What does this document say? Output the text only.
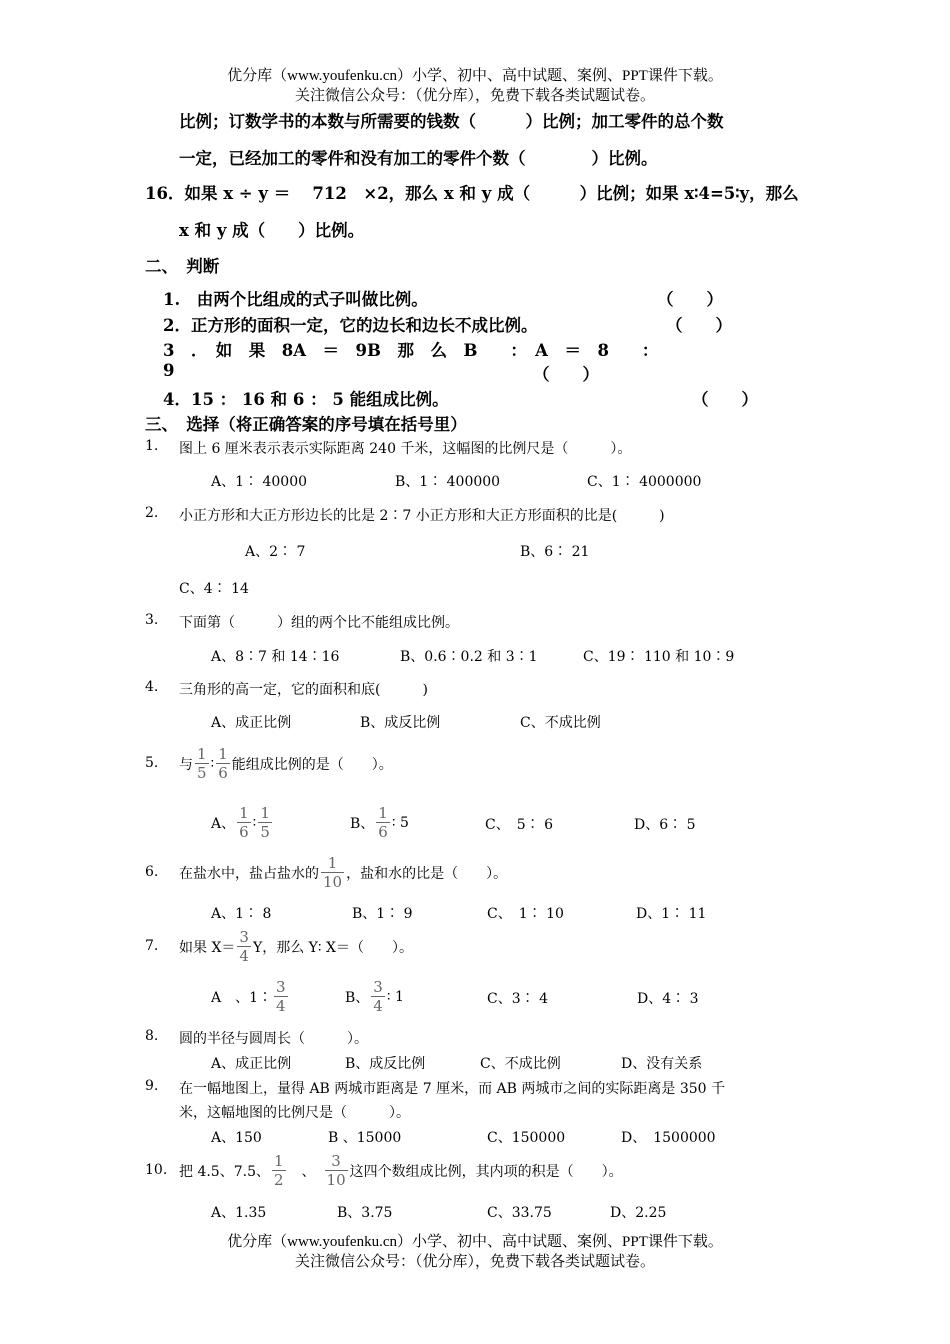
优分库（www.youfenku.cn）小学、初中、高中试题、案例、PPT课件下载。
关注微信公众号：（优分库），免费下载各类试题试卷。
比例；订数学书的本数与所需要的钱数（　　　）比例；加工零件的总个数
一定，已经加工的零件和没有加工的零件个数（　　　　）比例。
16．如果 x ÷ y ＝　 712　×2，那么 x 和 y 成（　　　）比例；如果 x∶4=5∶y，那么
x 和 y 成（　　）比例。
二、　判断
1.　由两个比组成的式子叫做比例。	（　　）
2．正方形的面积一定，它的边长和边长不成比例。	（　　）
3　．　如　果　8A　＝　9B　那　么　B　　：　A　＝　8　　：
9	（　　）
4．15 ： 16 和 6 ： 5 能组成比例。	（　　）
三、　选择（将正确答案的序号填在括号里）
1. 图上 6 厘米表示表示实际距离 240 千米，这幅图的比例尺是（　　　）。
A、1∶ 40000	B、1∶ 400000	C、1∶ 4000000
2. 小正方形和大正方形边长的比是 2∶7 小正方形和大正方形面积的比是(　　　)
A、2∶ 7	B、6∶ 21
C、4∶ 14
3. 下面第（　　　）组的两个比不能组成比例。
A、8∶7 和 14∶16	B、0.6∶0.2 和 3∶1	C、19∶ 110 和 10∶9
4. 三角形的高一定，它的面积和底(　　　)
A、成正比例	B、成反比例	C、不成比例
5. 与 $\frac{1}{5}$ ∶ $\frac{1}{6}$ 能组成比例的是（　　）。
A、 $\frac{1}{6}$ ∶ $\frac{1}{5}$	B、 $\frac{1}{6}$ ∶ 5	C、　5∶ 6	D、6∶ 5
6. 在盐水中，盐占盐水的 $\frac{1}{10}$ ，盐和水的比是（　　）。
A、1∶ 8	B、1∶ 9	C、　1∶ 10	D、1∶ 11
7. 如果 $X= \frac{3}{4}$ Y，那么 Y∶ X＝（　　）。
A　、1∶ $\frac{3}{4}$	B、 $\frac{3}{4}$ ∶ 1	C、3∶ 4	D、4∶ 3
8. 圆的半径与圆周长（　　　）。
A、成正比例	B、成反比例	C、不成比例	D、没有关系
9. 在一幅地图上，量得 AB 两城市距离是 7 厘米，而 AB 两城市之间的实际距离是 350 千
米，这幅地图的比例尺是（　　　）。
A、150	B 、15000	C、150000	D、　1500000
10. 把 4.5、7.5、 $\frac{1}{2}$ 　、　 $\frac{3}{10}$ 这四个数组成比例，其内项的积是（　　）。
A、1.35	B、3.75	C、33.75	D、2.25
优分库（www.youfenku.cn）小学、初中、高中试题、案例、PPT课件下载。
关注微信公众号：（优分库），免费下载各类试题试卷。
